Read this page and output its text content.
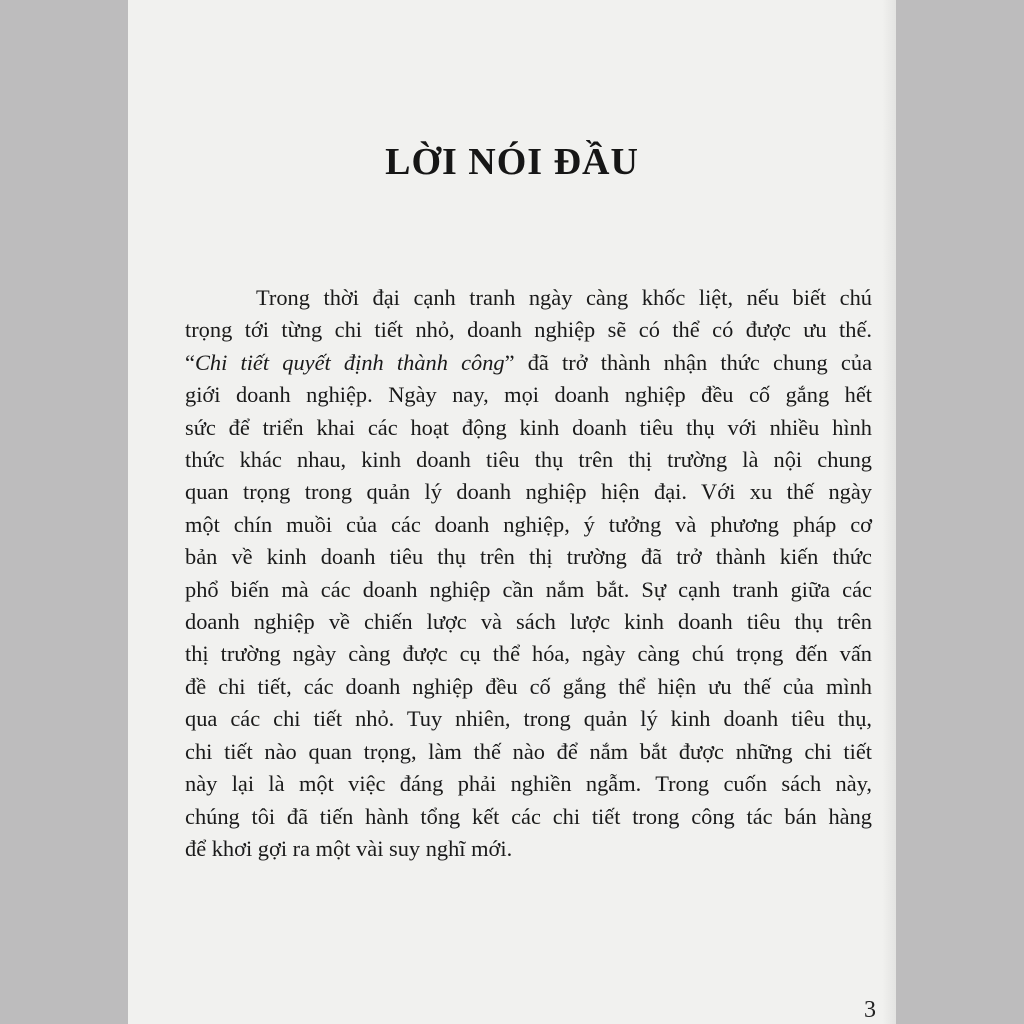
LỜI NÓI ĐẦU
Trong thời đại cạnh tranh ngày càng khốc liệt, nếu biết chú
trọng tới từng chi tiết nhỏ, doanh nghiệp sẽ có thể có được ưu thế.
“Chi tiết quyết định thành công” đã trở thành nhận thức chung của
giới doanh nghiệp. Ngày nay, mọi doanh nghiệp đều cố gắng hết
sức để triển khai các hoạt động kinh doanh tiêu thụ với nhiều hình
thức khác nhau, kinh doanh tiêu thụ trên thị trường là nội chung
quan trọng trong quản lý doanh nghiệp hiện đại. Với xu thế ngày
một chín muồi của các doanh nghiệp, ý tưởng và phương pháp cơ
bản về kinh doanh tiêu thụ trên thị trường đã trở thành kiến thức
phổ biến mà các doanh nghiệp cần nắm bắt. Sự cạnh tranh giữa các
doanh nghiệp về chiến lược và sách lược kinh doanh tiêu thụ trên
thị trường ngày càng được cụ thể hóa, ngày càng chú trọng đến vấn
đề chi tiết, các doanh nghiệp đều cố gắng thể hiện ưu thế của mình
qua các chi tiết nhỏ. Tuy nhiên, trong quản lý kinh doanh tiêu thụ,
chi tiết nào quan trọng, làm thế nào để nắm bắt được những chi tiết
này lại là một việc đáng phải nghiền ngẫm. Trong cuốn sách này,
chúng tôi đã tiến hành tổng kết các chi tiết trong công tác bán hàng
để khơi gợi ra một vài suy nghĩ mới.
3
